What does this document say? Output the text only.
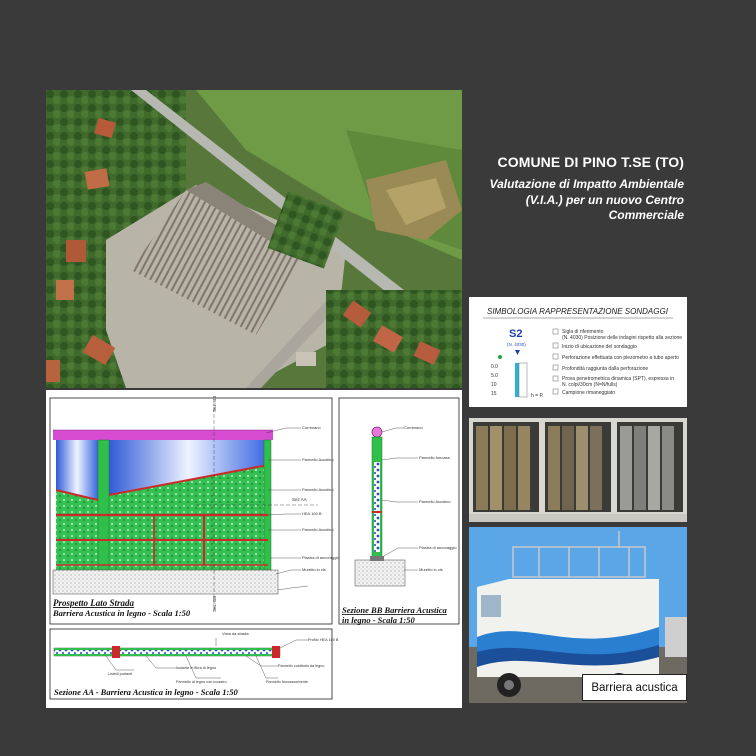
COMUNE DI PINO T.SE (TO)

Valutazione di Impatto Ambientale
(V.I.A.) per un nuovo Centro
Commerciale

SIMBOLOGIA RAPPRESENTAZIONE SONDAGGI
S2
(N. 4030)
0.0
5.0
10
15	h = P.
Sigla di riferimento
(N. 4030) Posizione delle indagini rispetto alla sezione
Inizio di ubicazione del sondaggio
Perforazione effettuata con piezometro a tubo aperto
Profondità raggiunta dalla perforazione
Prova penetrometrica dinamica (SPT), espressa in
N. colpi/30cm (N=N/fulls)
Campione rimaneggiato
Sez. BB
Sez. BB
Sez AA
Corrimano
Pannello Acustico
Pannello Acustico
HEA 160 B
Pannello Acustico
Piastra di ancoraggio
Muretto in cls
Prospetto Lato Strada
Barriera Acustica in legno - Scala 1:50
Corrimano
Pannello fonoass.
Pannello Acustico
Piastra di ancoraggio
Muretto in cls
Sezione BB Barriera Acustica
in legno - Scala 1:50
Vista da strada
Profilo HEA 160 B
Pannello costituito da legno
Isolante in fibra di legno
Listelli portanti
Pannello di legno con incastro	Pannello fonoassorbente
Sezione AA - Barriera Acustica in legno - Scala 1:50	Barriera acustica
